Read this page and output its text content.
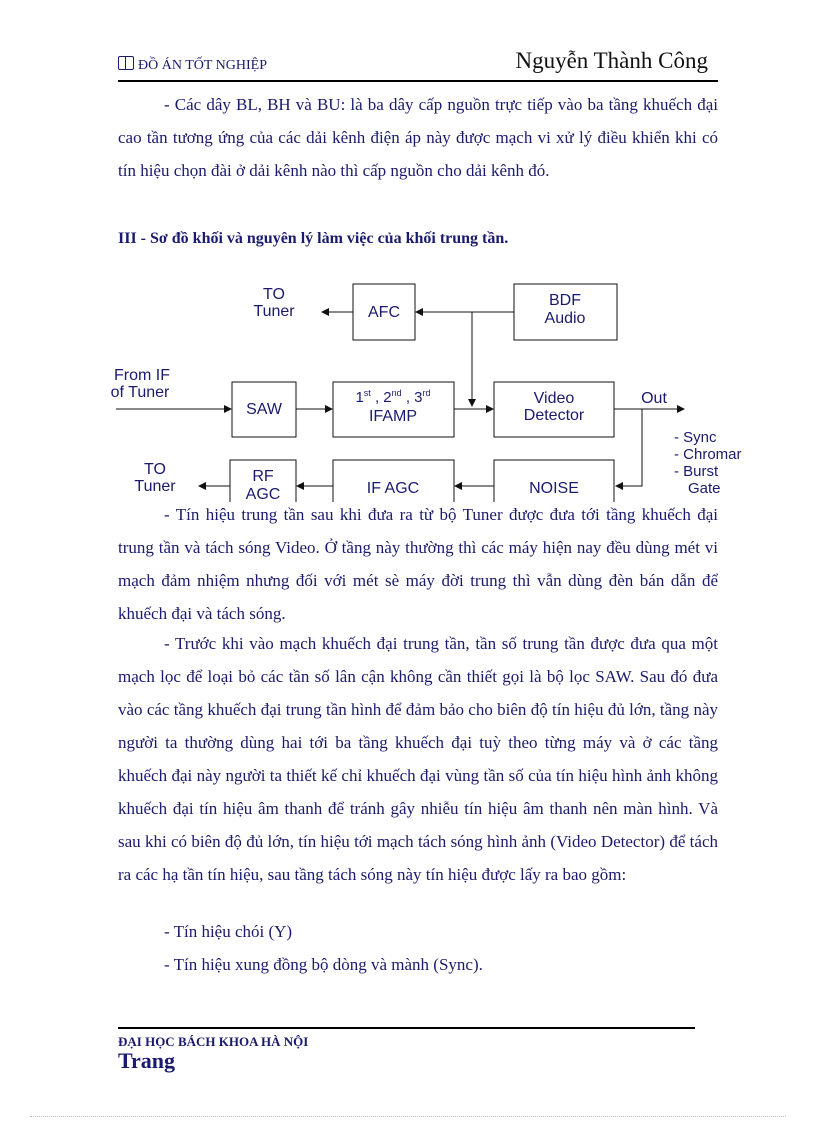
ĐỒ ÁN TỐT NGHIỆP	Nguyễn Thành Công
- Các dây BL, BH và BU: là ba dây cấp nguồn trực tiếp vào ba tầng khuếch đại cao tần tương ứng của các dải kênh điện áp này được mạch vi xử lý điều khiển khi có tín hiệu chọn đài ở dải kênh nào thì cấp nguồn cho dải kênh đó.
III - Sơ đồ khối và nguyên lý làm việc của khối trung tần.
TO
Tuner	AFC
BDF
Audio
From IF
of Tuner
SAW
1st , 2nd , 3rd
IFAMP
Video
Detector
Out
- Sync
- Chromar
- Burst
Gate
TO
Tuner
RF
AGC	IF AGC	NOISE
- Tín hiệu trung tần sau khi đưa ra từ bộ Tuner được đưa tới tầng khuếch đại trung tần và tách sóng Video. Ở tầng này thường thì các máy hiện nay đều dùng mét vi mạch đảm nhiệm nhưng đối với mét sè máy đời trung thì vẫn dùng đèn bán dẫn để khuếch đại và tách sóng.
- Trước khi vào mạch khuếch đại trung tần, tần số trung tần được đưa qua một mạch lọc để loại bỏ các tần số lân cận không cần thiết gọi là bộ lọc SAW. Sau đó đưa vào các tầng khuếch đại trung tần hình để đảm bảo cho biên độ tín hiệu đủ lớn, tầng này người ta thường dùng hai tới ba tầng khuếch đại tuỳ theo từng máy và ở các tầng khuếch đại này người ta thiết kế chỉ khuếch đại vùng tần số của tín hiệu hình ảnh không khuếch đại tín hiệu âm thanh để tránh gây nhiễu tín hiệu âm thanh nên màn hình. Và sau khi có biên độ đủ lớn, tín hiệu tới mạch tách sóng hình ảnh (Video Detector) để tách ra các hạ tần tín hiệu, sau tầng tách sóng này tín hiệu được lấy ra bao gồm:
- Tín hiệu chói (Y)
- Tín hiệu xung đồng bộ dòng và mành (Sync).
ĐẠI HỌC BÁCH KHOA HÀ NỘI
Trang
